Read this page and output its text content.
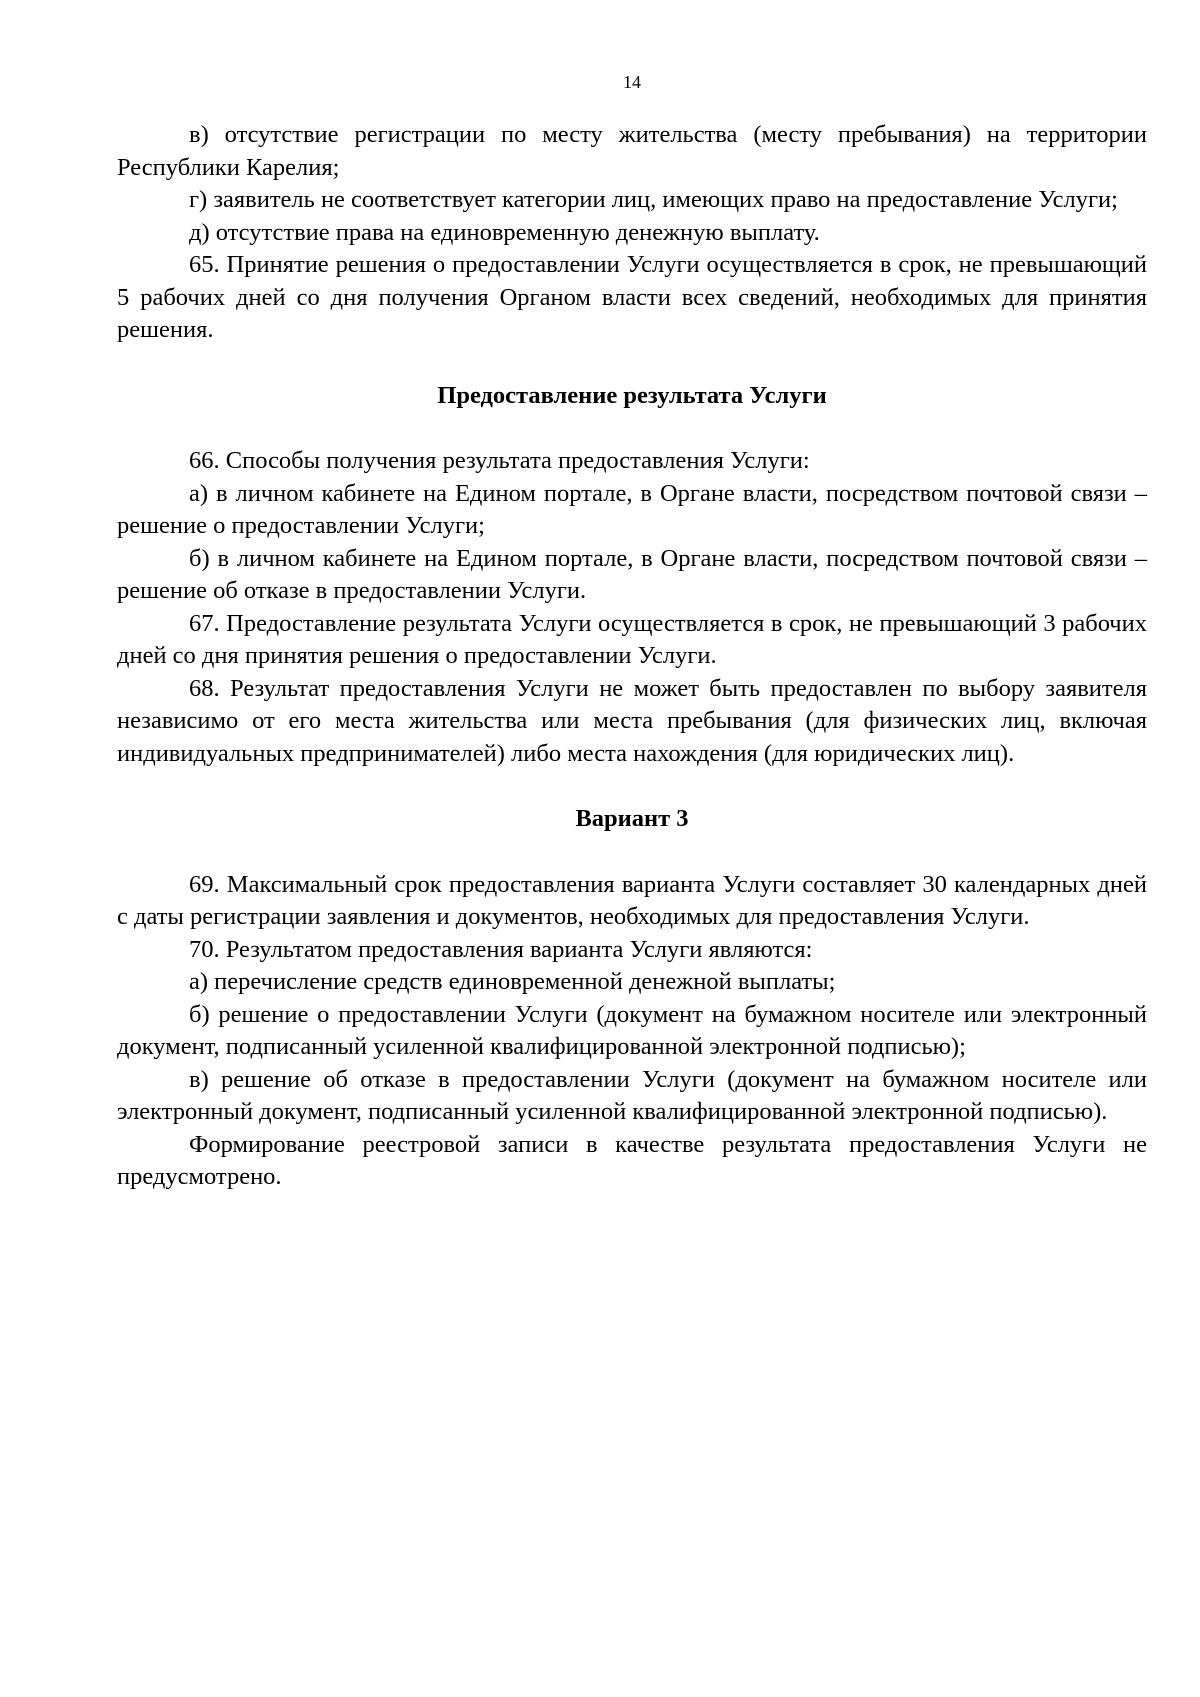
14

в) отсутствие регистрации по месту жительства (месту пребывания) на территории Республики Карелия;

г) заявитель не соответствует категории лиц, имеющих право на предоставление Услуги;

д) отсутствие права на единовременную денежную выплату.

65. Принятие решения о предоставлении Услуги осуществляется в срок, не превышающий 5 рабочих дней со дня получения Органом власти всех сведений, необходимых для принятия решения.

Предоставление результата Услуги

66. Способы получения результата предоставления Услуги:

а) в личном кабинете на Едином портале, в Органе власти, посредством почтовой связи – решение о предоставлении Услуги;

б) в личном кабинете на Едином портале, в Органе власти, посредством почтовой связи – решение об отказе в предоставлении Услуги.

67. Предоставление результата Услуги осуществляется в срок, не превышающий 3 рабочих дней со дня принятия решения о предоставлении Услуги.

68. Результат предоставления Услуги не может быть предоставлен по выбору заявителя независимо от его места жительства или места пребывания (для физических лиц, включая индивидуальных предпринимателей) либо места нахождения (для юридических лиц).

Вариант 3

69. Максимальный срок предоставления варианта Услуги составляет 30 календарных дней с даты регистрации заявления и документов, необходимых для предоставления Услуги.

70. Результатом предоставления варианта Услуги являются:

а) перечисление средств единовременной денежной выплаты;

б) решение о предоставлении Услуги (документ на бумажном носителе или электронный документ, подписанный усиленной квалифицированной электронной подписью);

в) решение об отказе в предоставлении Услуги (документ на бумажном носителе или электронный документ, подписанный усиленной квалифицированной электронной подписью).

Формирование реестровой записи в качестве результата предоставления Услуги не предусмотрено.
